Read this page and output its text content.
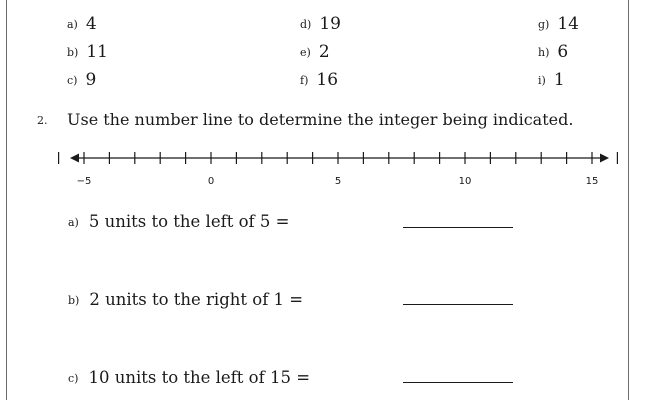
a) 4	d) 19	g) 14
b) 11	e) 2	h) 6
c) 9	f) 16	i) 1
2. Use the number line to determine the integer being indicated.
−5	0	5	10	15
a) 5 units to the left of 5 =
b) 2 units to the right of 1 =
c) 10 units to the left of 15 =
